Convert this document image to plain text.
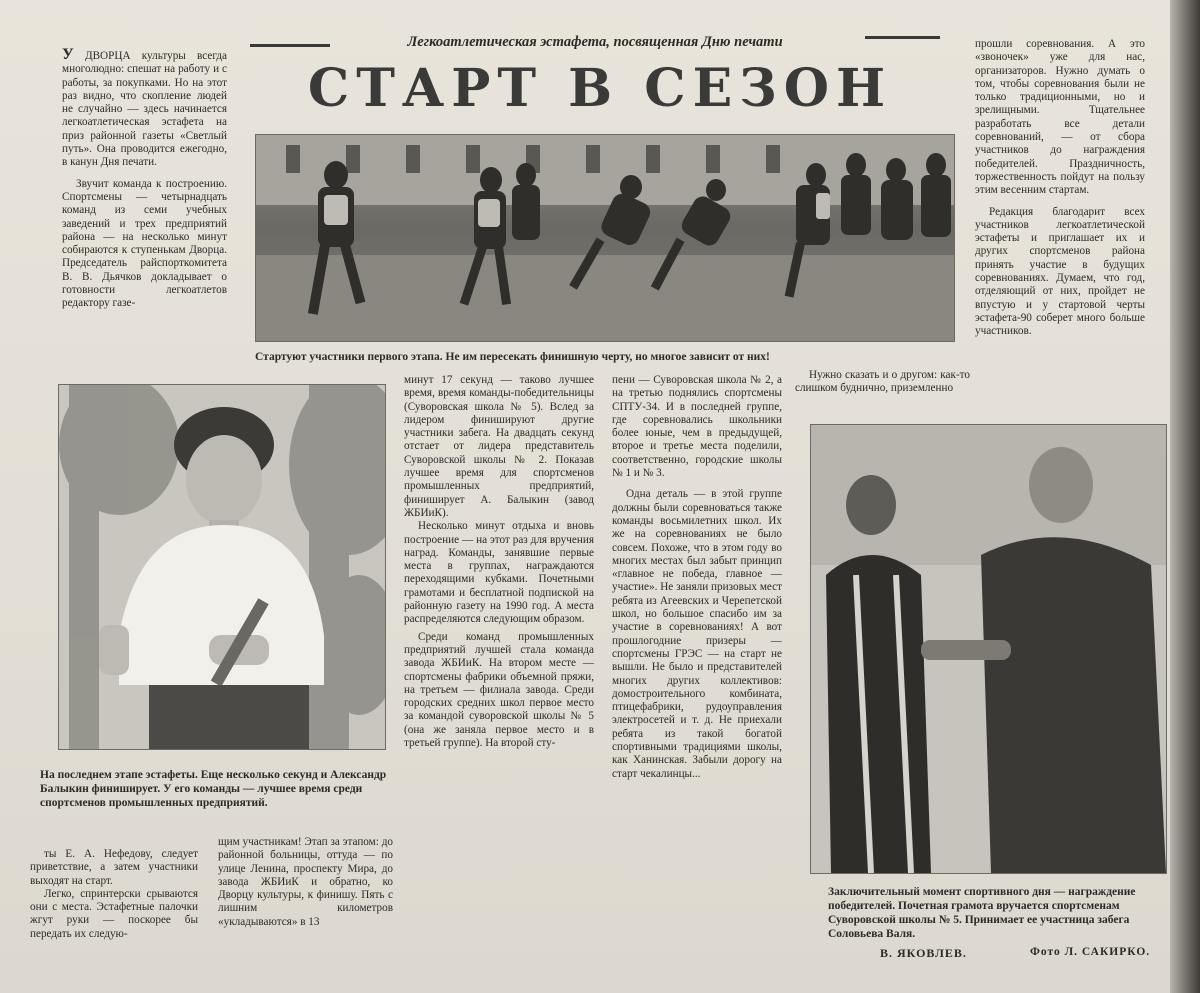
Легкоатлетическая эстафета, посвященная Дню печати
СТАРТ В СЕЗОН

У ДВОРЦА культуры всегда многолюдно: спешат на работу и с работы, за покупками. Но на этот раз видно, что скопление людей не случайно — здесь начинается легкоатлетическая эстафета на приз районной газеты «Светлый путь». Она проводится ежегодно, в канун Дня печати.

Звучит команда к построению. Спортсмены — четырнадцать команд из семи учебных заведений и трех предприятий района — на несколько минут собираются к ступенькам Дворца. Председатель райспорткомитета В. В. Дьячков докладывает о готовности легкоатлетов редактору газе-

Стартуют участники первого этапа. Не им пересекать финишную черту, но многое зависит от них!

прошли соревнования. А это «звоночек» уже для нас, организаторов. Нужно думать о том, чтобы соревнования были не только традиционными, но и зрелищными. Тщательнее разработать все детали соревнований, — от сбора участников до награждения победителей. Праздничность, торжественность пойдут на пользу этим весенним стартам.

Редакция благодарит всех участников легкоатлетической эстафеты и приглашает их и других спортсменов района принять участие в будущих соревнованиях. Думаем, что год, отделяющий от них, пройдет не впустую и у стартовой черты эстафета-90 соберет много больше участников.

На последнем этапе эстафеты. Еще несколько секунд и Александр Балыкин финиширует. У его команды — лучшее время среди спортсменов промышленных предприятий.

минут 17 секунд — таково лучшее время, время команды-победительницы (Суворовская школа № 5). Вслед за лидером финишируют другие участники забега. На двадцать секунд отстает от лидера представитель Суворовской школы № 2. Показав лучшее время для спортсменов промышленных предприятий, финиширует А. Балыкин (завод ЖБИиК).

Несколько минут отдыха и вновь построение — на этот раз для вручения наград. Команды, занявшие первые места в группах, награждаются переходящими кубками. Почетными грамотами и бесплатной подпиской на районную газету на 1990 год. А места распределяются следующим образом.

Среди команд промышленных предприятий лучшей стала команда завода ЖБИиК. На втором месте — спортсмены фабрики объемной пряжи, на третьем — филиала завода. Среди городских средних школ первое место за командой суворовской школы № 5 (она же заняла первое место и в третьей группе). На второй сту-

пени — Суворовская школа № 2, а на третью поднялись спортсмены СПТУ-34. И в последней группе, где соревновались школьники более юные, чем в предыдущей, второе и третье места поделили, соответственно, городские школы № 1 и № 3.

Одна деталь — в этой группе должны были соревноваться также команды восьмилетних школ. Их же на соревнованиях не было совсем. Похоже, что в этом году во многих местах был забыт принцип «главное не победа, главное — участие». Не заняли призовых мест ребята из Агеевских и Черепетской школ, но большое спасибо им за участие в соревнованиях! А вот прошлогодние призеры — спортсмены ГРЭС — на старт не вышли. Не было и представителей многих других коллективов: домостроительного комбината, птицефабрики, рудоуправления электросетей и т. д. Не приехали ребята из такой богатой спортивными традициями школы, как Ханинская. Забыли дорогу на старт чекалинцы...

Нужно сказать и о другом: как-то слишком буднично, приземленно

Заключительный момент спортивного дня — награждение победителей. Почетная грамота вручается спортсменам Суворовской школы № 5. Принимает ее участница забега Соловьева Валя.

ты Е. А. Нефедову, следует приветствие, а затем участники выходят на старт.

Легко, спринтерски срываются они с места. Эстафетные палочки жгут руки — поскорее бы передать их следую-

щим участникам! Этап за этапом: до районной больницы, оттуда — по улице Ленина, проспекту Мира, до завода ЖБИиК и обратно, ко Дворцу культуры, к финишу. Пять с лишним километров «укладываются» в 13

В. ЯКОВЛЕВ.	Фото Л. САКИРКО.
